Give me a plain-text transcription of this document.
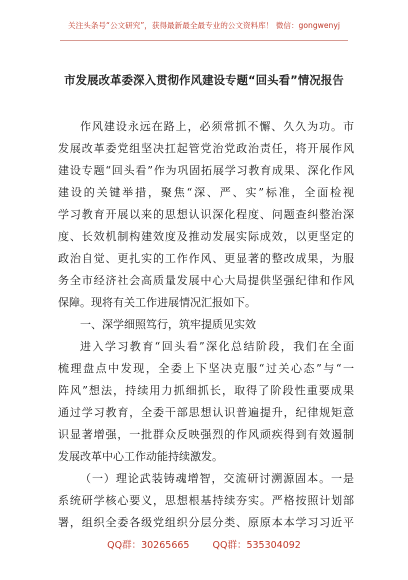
关注头条号“公文研究”，获得最新最全最专业的公文资料库！ 微信：gongwenyj
市发展改革委深入贯彻作风建设专题“回头看”情况报告
作风建设永远在路上，必须常抓不懈、久久为功。市
发展改革委党组坚决扛起管党治党政治责任，将开展作风
建设专题“回头看”作为巩固拓展学习教育成果、深化作风
建设的关键举措，聚焦“深、严、实”标准，全面检视
学习教育开展以来的思想认识深化程度、问题查纠整治深
度、长效机制构建效度及推动发展实际成效，以更坚定的
政治自觉、更扎实的工作作风、更显著的整改成果，为服
务全市经济社会高质量发展中心大局提供坚强纪律和作风
保障。现将有关工作进展情况汇报如下。
一、深学细照笃行，筑牢提质见实效
进入学习教育“回头看”深化总结阶段，我们在全面
梳理盘点中发现，全委上下坚决克服“过关心态”与“一
阵风”想法，持续用力抓细抓长，取得了阶段性重要成果
通过学习教育，全委干部思想认识普遍提升，纪律规矩意
识显著增强，一批群众反映强烈的作风顽疾得到有效遏制
发展改革中心工作动能持续激发。
（一）理论武装铸魂增智，交流研讨溯源固本。一是
系统研学核心要义，思想根基持续夯实。严格按照计划部
署，组织全委各级党组织分层分类、原原本本学习习近平
QQ群：30265665 QQ群：535304092
